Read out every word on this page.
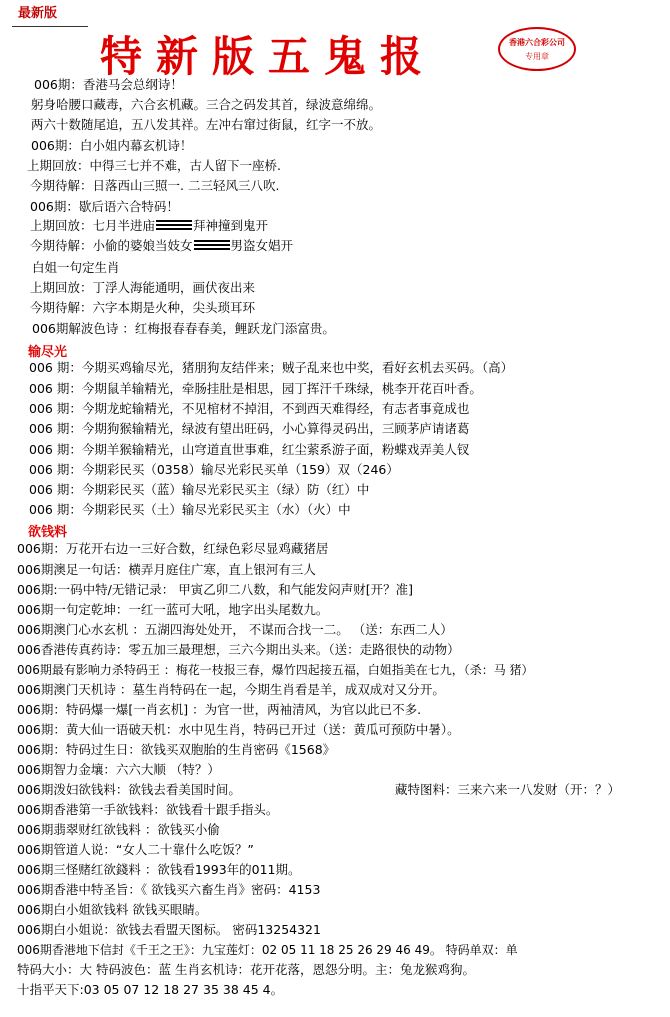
最新版
特新版五鬼报	香港六合彩公司
专用章
006期：香港马会总纲诗！
躬身哈腰口藏毒，六合玄机藏。三合之码发其首，绿波意绵绵。
两六十数随尾追，五八发其祥。左冲右窜过街鼠，红字一不放。
006期：白小姐内幕玄机诗！
上期回放：中得三七并不难，古人留下一座桥.
今期待解：日落西山三照一. 二三轻风三八吹.
006期：歇后语六合特码！
上期回放：七月半进庙	拜神撞到鬼开
今期待解：小偷的婆娘当妓女	男盗女娼开
白姐一句定生肖
上期回放：丁浮人海能通明，画伏夜出来
今期待解：六字本期是火种，尖头琐耳环
006期解波色诗 ：红梅报春春春美，鲤跃龙门添富贵。
输尽光
006 期：今期买鸡输尽光，猪朋狗友结伴来；贼子乱来也中奖，看好玄机去买码。（高）
006 期：今期鼠羊输精光，牵肠挂肚是相思，园丁挥汗千珠绿，桃李开花百叶香。
006 期：今期龙蛇输精光，不见棺材不掉泪，不到西天难得经，有志者事竟成也
006 期：今期狗猴输精光，绿波有望出旺码，小心算得灵码出，三顾茅庐请诸葛
006 期：今期羊猴输精光，山穹道直世事难，红尘萦系游子面，粉蝶戏弄美人钗
006 期：今期彩民买（0358）输尽光彩民买单（159）双（246）
006 期：今期彩民买（蓝）输尽光彩民买主（绿）防（红）中
006 期：今期彩民买（土）输尽光彩民买主（水）（火）中
欲钱料
006期：万花开右边一三好合数，红绿色彩尽显鸡藏猪居
006期澳足一句话：横弄月庭住广寒，直上银河有三人
006期:一码中特/无错记录： 甲寅乙卯二八数，和气能发闷声财[开？准]
006期一句定乾坤：一红一蓝可大吼，地字出头尾数九。
006期澳门心水玄机 ：五湖四海处处开， 不谋而合找一二。 （送：东西二人）
006香港传真药诗：零五加三最理想，三六今期出头来。（送：走路很快的动物）
006期最有影响力杀特码王 ：梅花一枝报三春，爆竹四起接五福，白姐指美在七九，（杀：马 猪）
006期澳门天机诗 ：墓生肖特码在一起，今期生肖看是羊，成双成对又分开。
006期：特码爆一爆[一肖玄机] ：为官一世，两袖清风，为官以此已不多.
006期：黄大仙一语破天机：水中见生肖，特码已开过（送：黄瓜可预防中暑）。
006期：特码过生日：欲钱买双胞胎的生肖密码《1568》
006期智力金壤：六六大顺 （特？）
006期泼妇欲钱料：欲钱去看美国时间。	藏特图料：三来六来一八发财（开：？）
006期香港第一手欲钱料：欲钱看十跟手指头。
006期翡翠财红欲钱料 ：欲钱买小偷
006期管道人说：“女人二十靠什么吃饭？”
006期三怪赌红欲錢料 ：欲钱看1993年的011期。
006期香港中特圣旨：《 欲钱买六畜生肖》密码：4153
006期白小姐欲钱料 欲钱买眼睛。
006期白小姐说：欲钱去看盟天图标。 密码13254321
006期香港地下信封《千王之王》：九宝莲灯：02 05 11 18 25 26 29 46 49。 特码单双：单
特码大小：大 特码波色：蓝 生肖玄机诗：花开花落，恩怨分明。主：兔龙猴鸡狗。
十指平天下:03 05 07 12 18 27 35 38 45 4。
